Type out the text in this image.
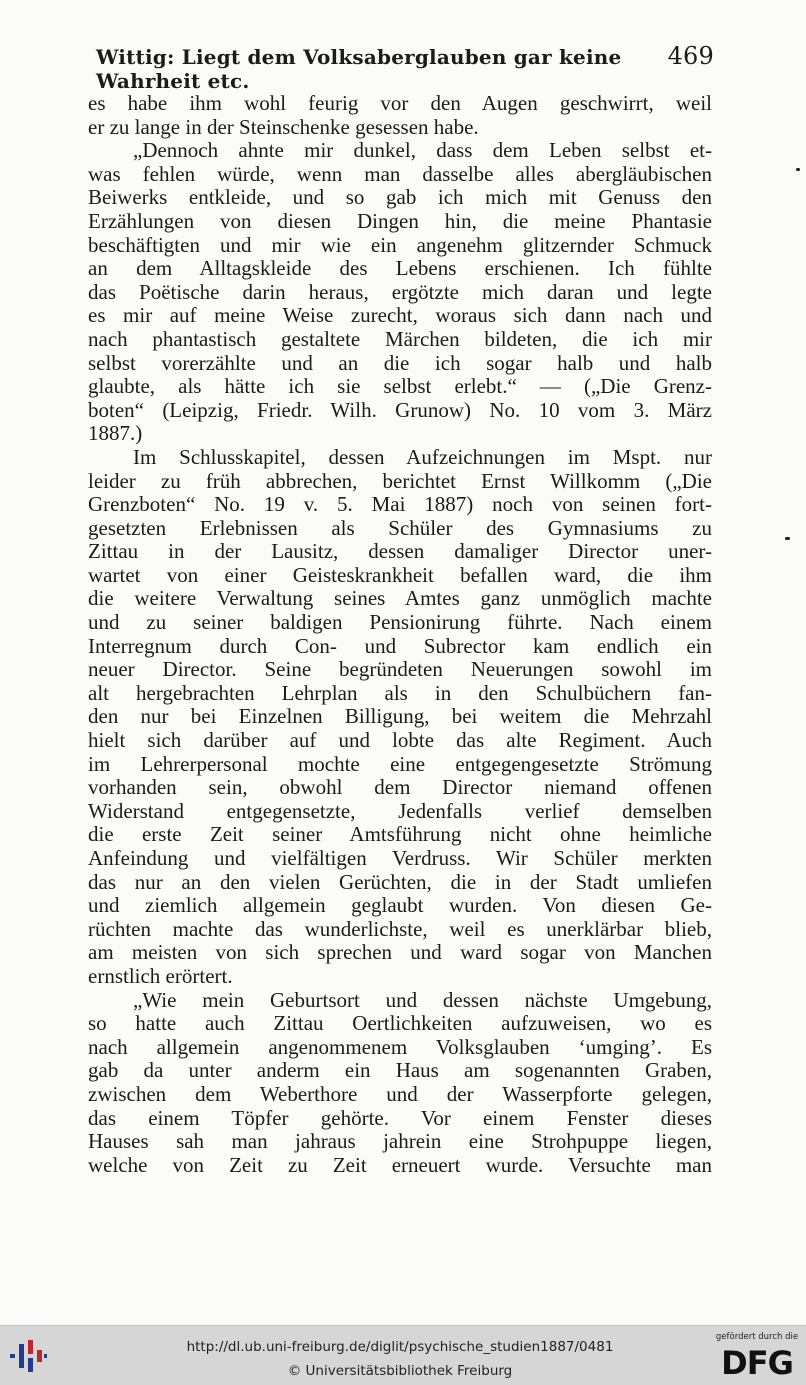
Wittig: Liegt dem Volksaberglauben gar keine Wahrheit etc.
469
es habe ihm wohl feurig vor den Augen geschwirrt, weil
er zu lange in der Steinschenke gesessen habe.
„Dennoch ahnte mir dunkel, dass dem Leben selbst et-
was fehlen würde, wenn man dasselbe alles abergläubischen
Beiwerks entkleide, und so gab ich mich mit Genuss den
Erzählungen von diesen Dingen hin, die meine Phantasie
beschäftigten und mir wie ein angenehm glitzernder Schmuck
an dem Alltagskleide des Lebens erschienen. Ich fühlte
das Poëtische darin heraus, ergötzte mich daran und legte
es mir auf meine Weise zurecht, woraus sich dann nach und
nach phantastisch gestaltete Märchen bildeten, die ich mir
selbst vorerzählte und an die ich sogar halb und halb
glaubte, als hätte ich sie selbst erlebt.“ — („Die Grenz-
boten“ (Leipzig, Friedr. Wilh. Grunow) No. 10 vom 3. März
1887.)
Im Schlusskapitel, dessen Aufzeichnungen im Mspt. nur
leider zu früh abbrechen, berichtet Ernst Willkomm („Die
Grenzboten“ No. 19 v. 5. Mai 1887) noch von seinen fort-
gesetzten Erlebnissen als Schüler des Gymnasiums zu
Zittau in der Lausitz, dessen damaliger Director uner-
wartet von einer Geisteskrankheit befallen ward, die ihm
die weitere Verwaltung seines Amtes ganz unmöglich machte
und zu seiner baldigen Pensionirung führte. Nach einem
Interregnum durch Con- und Subrector kam endlich ein
neuer Director. Seine begründeten Neuerungen sowohl im
alt hergebrachten Lehrplan als in den Schulbüchern fan-
den nur bei Einzelnen Billigung, bei weitem die Mehrzahl
hielt sich darüber auf und lobte das alte Regiment. Auch
im Lehrerpersonal mochte eine entgegengesetzte Strömung
vorhanden sein, obwohl dem Director niemand offenen
Widerstand entgegensetzte, Jedenfalls verlief demselben
die erste Zeit seiner Amtsführung nicht ohne heimliche
Anfeindung und vielfältigen Verdruss. Wir Schüler merkten
das nur an den vielen Gerüchten, die in der Stadt umliefen
und ziemlich allgemein geglaubt wurden. Von diesen Ge-
rüchten machte das wunderlichste, weil es unerklärbar blieb,
am meisten von sich sprechen und ward sogar von Manchen
ernstlich erörtert.
„Wie mein Geburtsort und dessen nächste Umgebung,
so hatte auch Zittau Oertlichkeiten aufzuweisen, wo es
nach allgemein angenommenem Volksglauben ‘umging’. Es
gab da unter anderm ein Haus am sogenannten Graben,
zwischen dem Weberthore und der Wasserpforte gelegen,
das einem Töpfer gehörte. Vor einem Fenster dieses
Hauses sah man jahraus jahrein eine Strohpuppe liegen,
welche von Zeit zu Zeit erneuert wurde. Versuchte man
http://dl.ub.uni-freiburg.de/diglit/psychische_studien1887/0481
© Universitätsbibliothek Freiburg
gefördert durch die
DFG
